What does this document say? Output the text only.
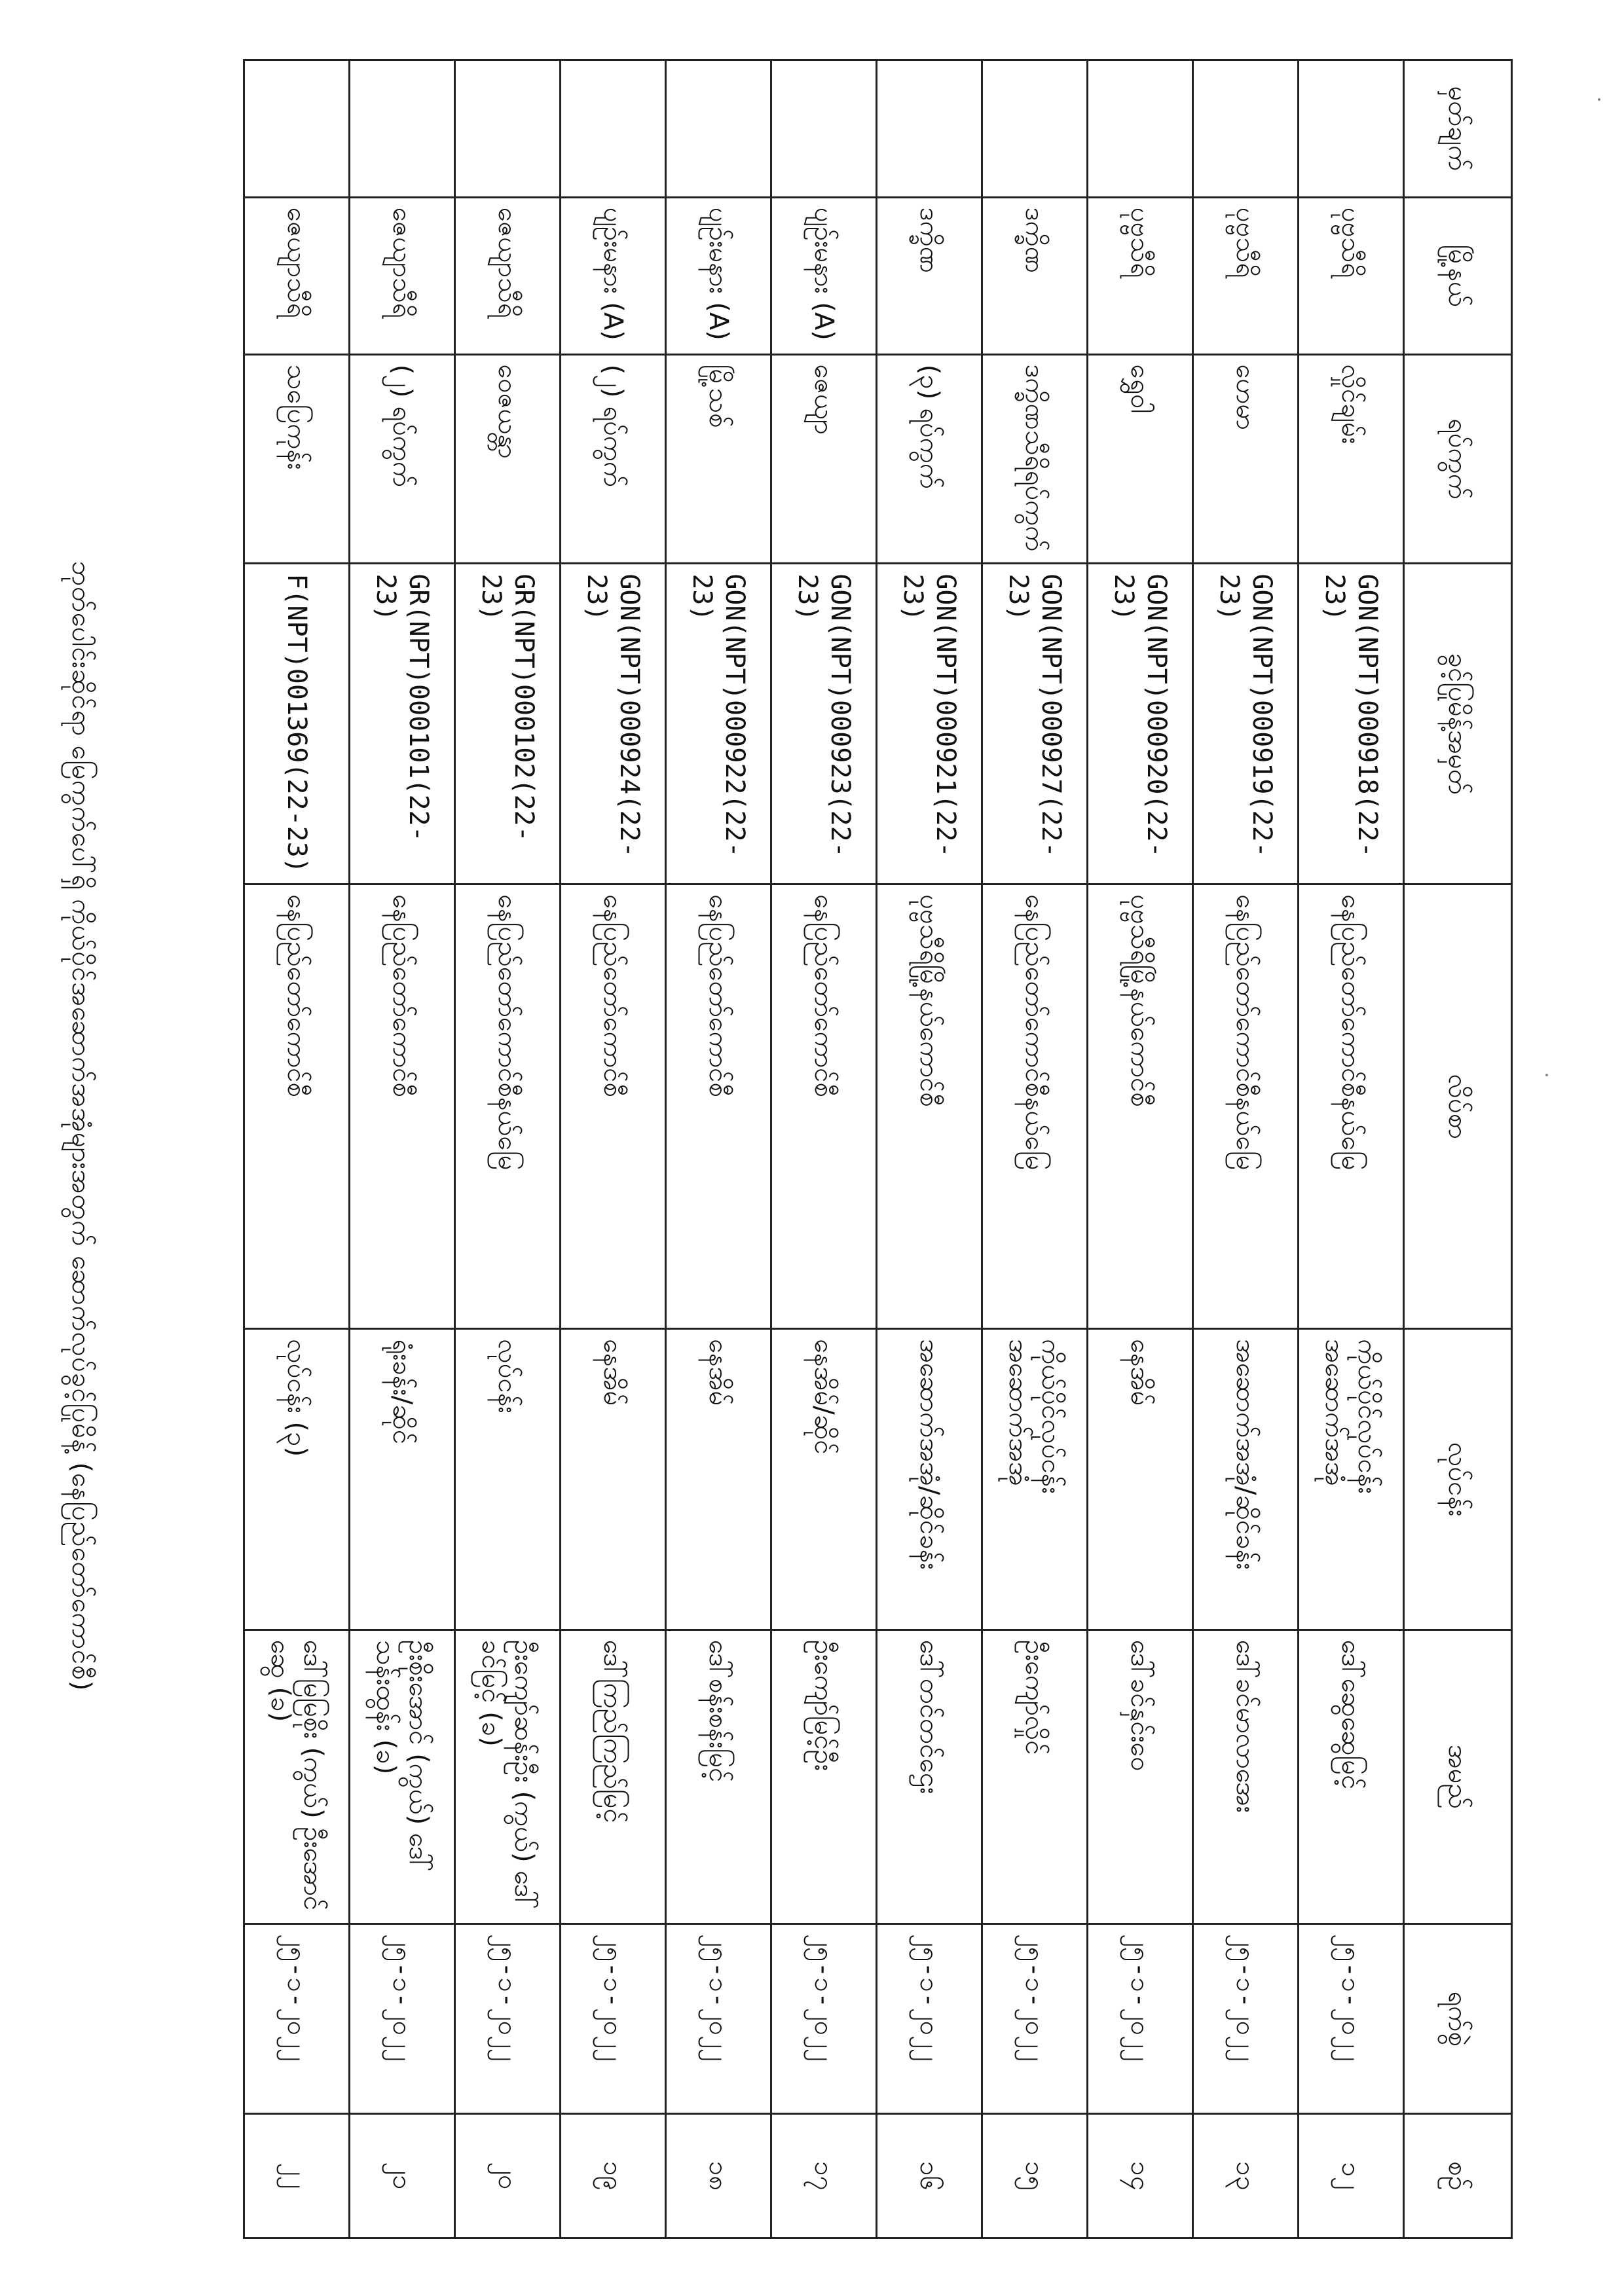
မှတ်ချက်	မြို့နယ်	ရပ်ကွက်	ခွင့်ပြုမိန့်အမှတ်	လိပ်စာ	လုပ်ငန်း	အမည်	ရက်စွဲ	စဉ်
	ပုဗ္ဗသီရိ	လှိုင်ချမ်း	GON(NPT)000918(22-23)	နေပြည်တော်ကောင်စီနယ်မြေ	ကိုယ်ပိုင်လုပ်ငန်းအဆောက်အအုံ	ဒေါ်ဆွေဆွေမြင့်	၂၅-၁-၂၀၂၂	၁၂
	ပုဗ္ဗသီရိ	ဟေမာ	GON(NPT)000919(22-23)	နေပြည်တော်ကောင်စီနယ်မြေ	အဆောက်အအုံ/ဆိုင်ခန်း	ဒေါ်ခင်မာလာအေး	၂၅-၁-၂၀၂၂	၁၃
	ပုဗ္ဗသီရိ	ရွှေဝါ	GON(NPT)000920(22-23)	ပုဗ္ဗသီရိမြို့နယ်ကောင်စီ	နေအိမ်	ဒေါ်ခင်နှင်းဝေ	၂၅-၁-၂၀၂၂	၁၄
	ဒက္ခိဏ	ဒက္ခိဏသီရိရပ်ကွက်	GON(NPT)000927(22-23)	နေပြည်တော်ကောင်စီနယ်မြေ	ကိုယ်ပိုင်လုပ်ငန်းအဆောက်အအုံ	ဦးကျော်လှိုင်	၂၅-၁-၂၀၂၂	၁၅
	ဒက္ခိဏ	(၃) ရပ်ကွက်	GON(NPT)000921(22-23)	ပုဗ္ဗသီရိမြို့နယ်ကောင်စီ	အဆောက်အအုံ/ဆိုင်ခန်း	ဒေါ်တင်တင်ဌေး	၂၅-၁-၂၀၂၂	၁၆
	ပျဉ်းမနား (A)	ဇေယျာ	GON(NPT)000923(22-23)	နေပြည်တော်ကောင်စီ	နေအိမ်/ဆိုင်	ဦးကျော်မြင့်ဦး	၂၅-၁-၂၀၂၂	၁၇
	ပျဉ်းမနား (A)	မြို့သစ်	GON(NPT)000922(22-23)	နေပြည်တော်ကောင်စီ	နေအိမ်	ဒေါ်စန်းစန်းမြင့်	၂၅-၁-၂၀၂၂	၁၈
	ပျဉ်းမနား (A)	(၂) ရပ်ကွက်	GON(NPT)000924(22-23)	နေပြည်တော်ကောင်စီ	နေအိမ်	ဒေါ်ကြည်ကြည်မြင့်	၂၅-၁-၂၀၂၂	၁၉
	ဇေယျာသီရိ	ဝေဇယန္တာ	GR(NPT)000102(22-23)	နေပြည်တော်ကောင်စီနယ်မြေ	လုပ်ငန်း	ဦးကျော်ဆန်းဦး (ကွယ်) ဒေါ်ခင်မြင့် (ခ)	၂၅-၁-၂၀၂၂	၂၀
	ဇေယျာသီရိ	(၂) ရပ်ကွက်	GR(NPT)000101(22-23)	နေပြည်တော်ကောင်စီ	ရုံးခန်း/ဆိုင်	ဦးစိုးအောင် (ကွယ်) ဒေါ်သန်းထွန်း (ခ)	၂၅-၁-၂၀၂၂	၂၁
	ဇေယျာသီရိ	သပြေကုန်း	F(NPT)001369(22-23)	နေပြည်တော်ကောင်စီ	လုပ်ငန်း (၃)	ဒေါ်မြမြစိုး (ကွယ်) ဦးအောင်ဆွေ (ခ)	၂၅-၁-၂၀၂၂	၂၂
ဘုတ်ပေါင်းဆိုင်ရာ မြေကွက်ပေါ်ရှိ ကိုယ်ပိုင်အဆောက်အအုံများအတွက် ဆောက်လုပ်ခွင့်ပြုမိန့် (နေပြည်တော်ကောင်စီ)
